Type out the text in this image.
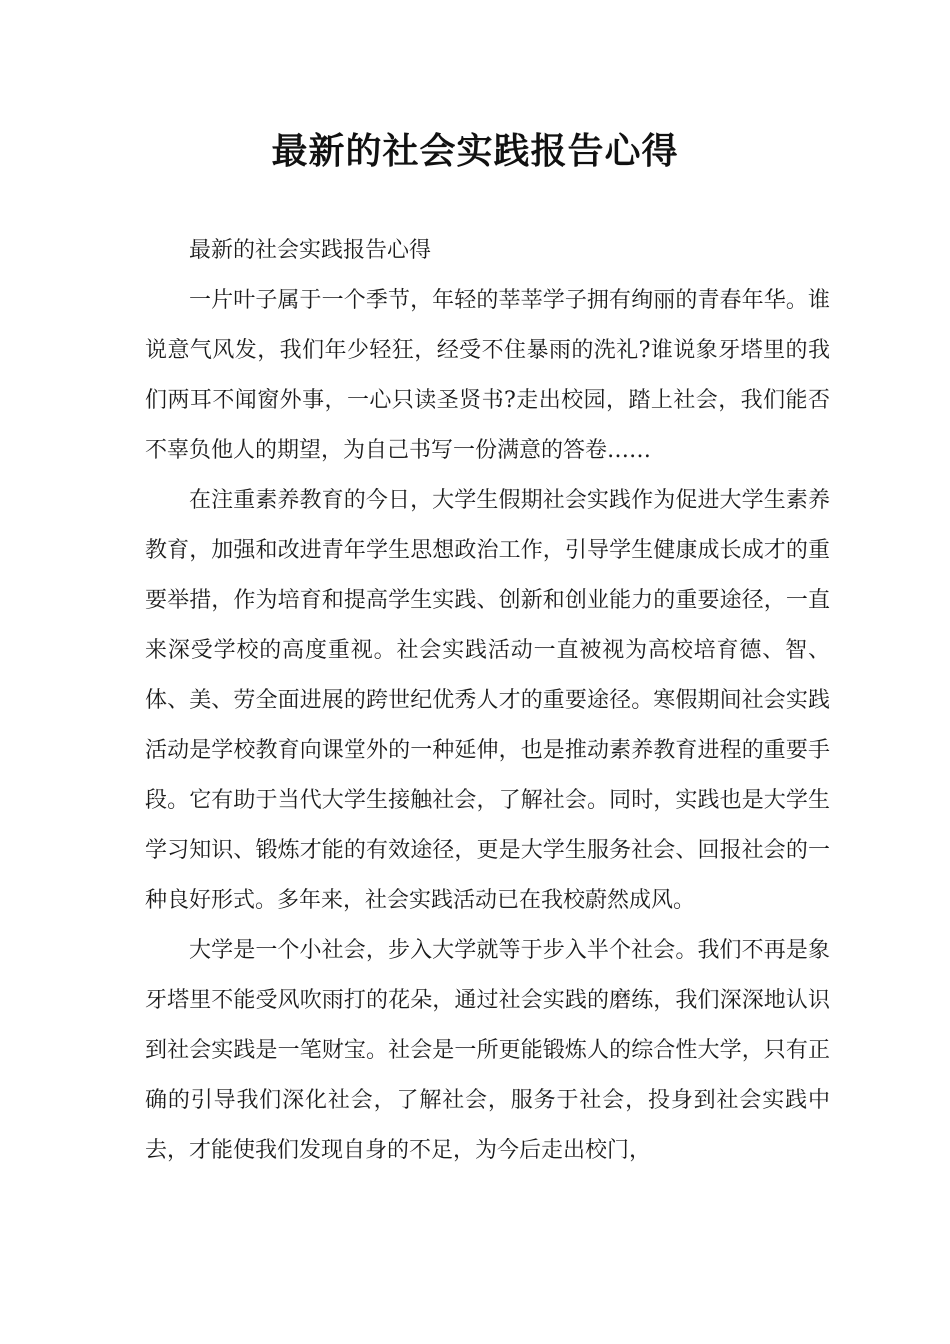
最新的社会实践报告心得

最新的社会实践报告心得

一片叶子属于一个季节，年轻的莘莘学子拥有绚丽的青春年华。谁说意气风发，我们年少轻狂，经受不住暴雨的洗礼?谁说象牙塔里的我们两耳不闻窗外事，一心只读圣贤书?走出校园，踏上社会，我们能否不辜负他人的期望，为自己书写一份满意的答卷……

在注重素养教育的今日，大学生假期社会实践作为促进大学生素养教育，加强和改进青年学生思想政治工作，引导学生健康成长成才的重要举措，作为培育和提高学生实践、创新和创业能力的重要途径，一直来深受学校的高度重视。社会实践活动一直被视为高校培育德、智、体、美、劳全面进展的跨世纪优秀人才的重要途径。寒假期间社会实践活动是学校教育向课堂外的一种延伸，也是推动素养教育进程的重要手段。它有助于当代大学生接触社会，了解社会。同时，实践也是大学生学习知识、锻炼才能的有效途径，更是大学生服务社会、回报社会的一种良好形式。多年来，社会实践活动已在我校蔚然成风。

大学是一个小社会，步入大学就等于步入半个社会。我们不再是象牙塔里不能受风吹雨打的花朵，通过社会实践的磨练，我们深深地认识到社会实践是一笔财宝。社会是一所更能锻炼人的综合性大学，只有正确的引导我们深化社会，了解社会，服务于社会，投身到社会实践中去，才能使我们发现自身的不足，为今后走出校门，
